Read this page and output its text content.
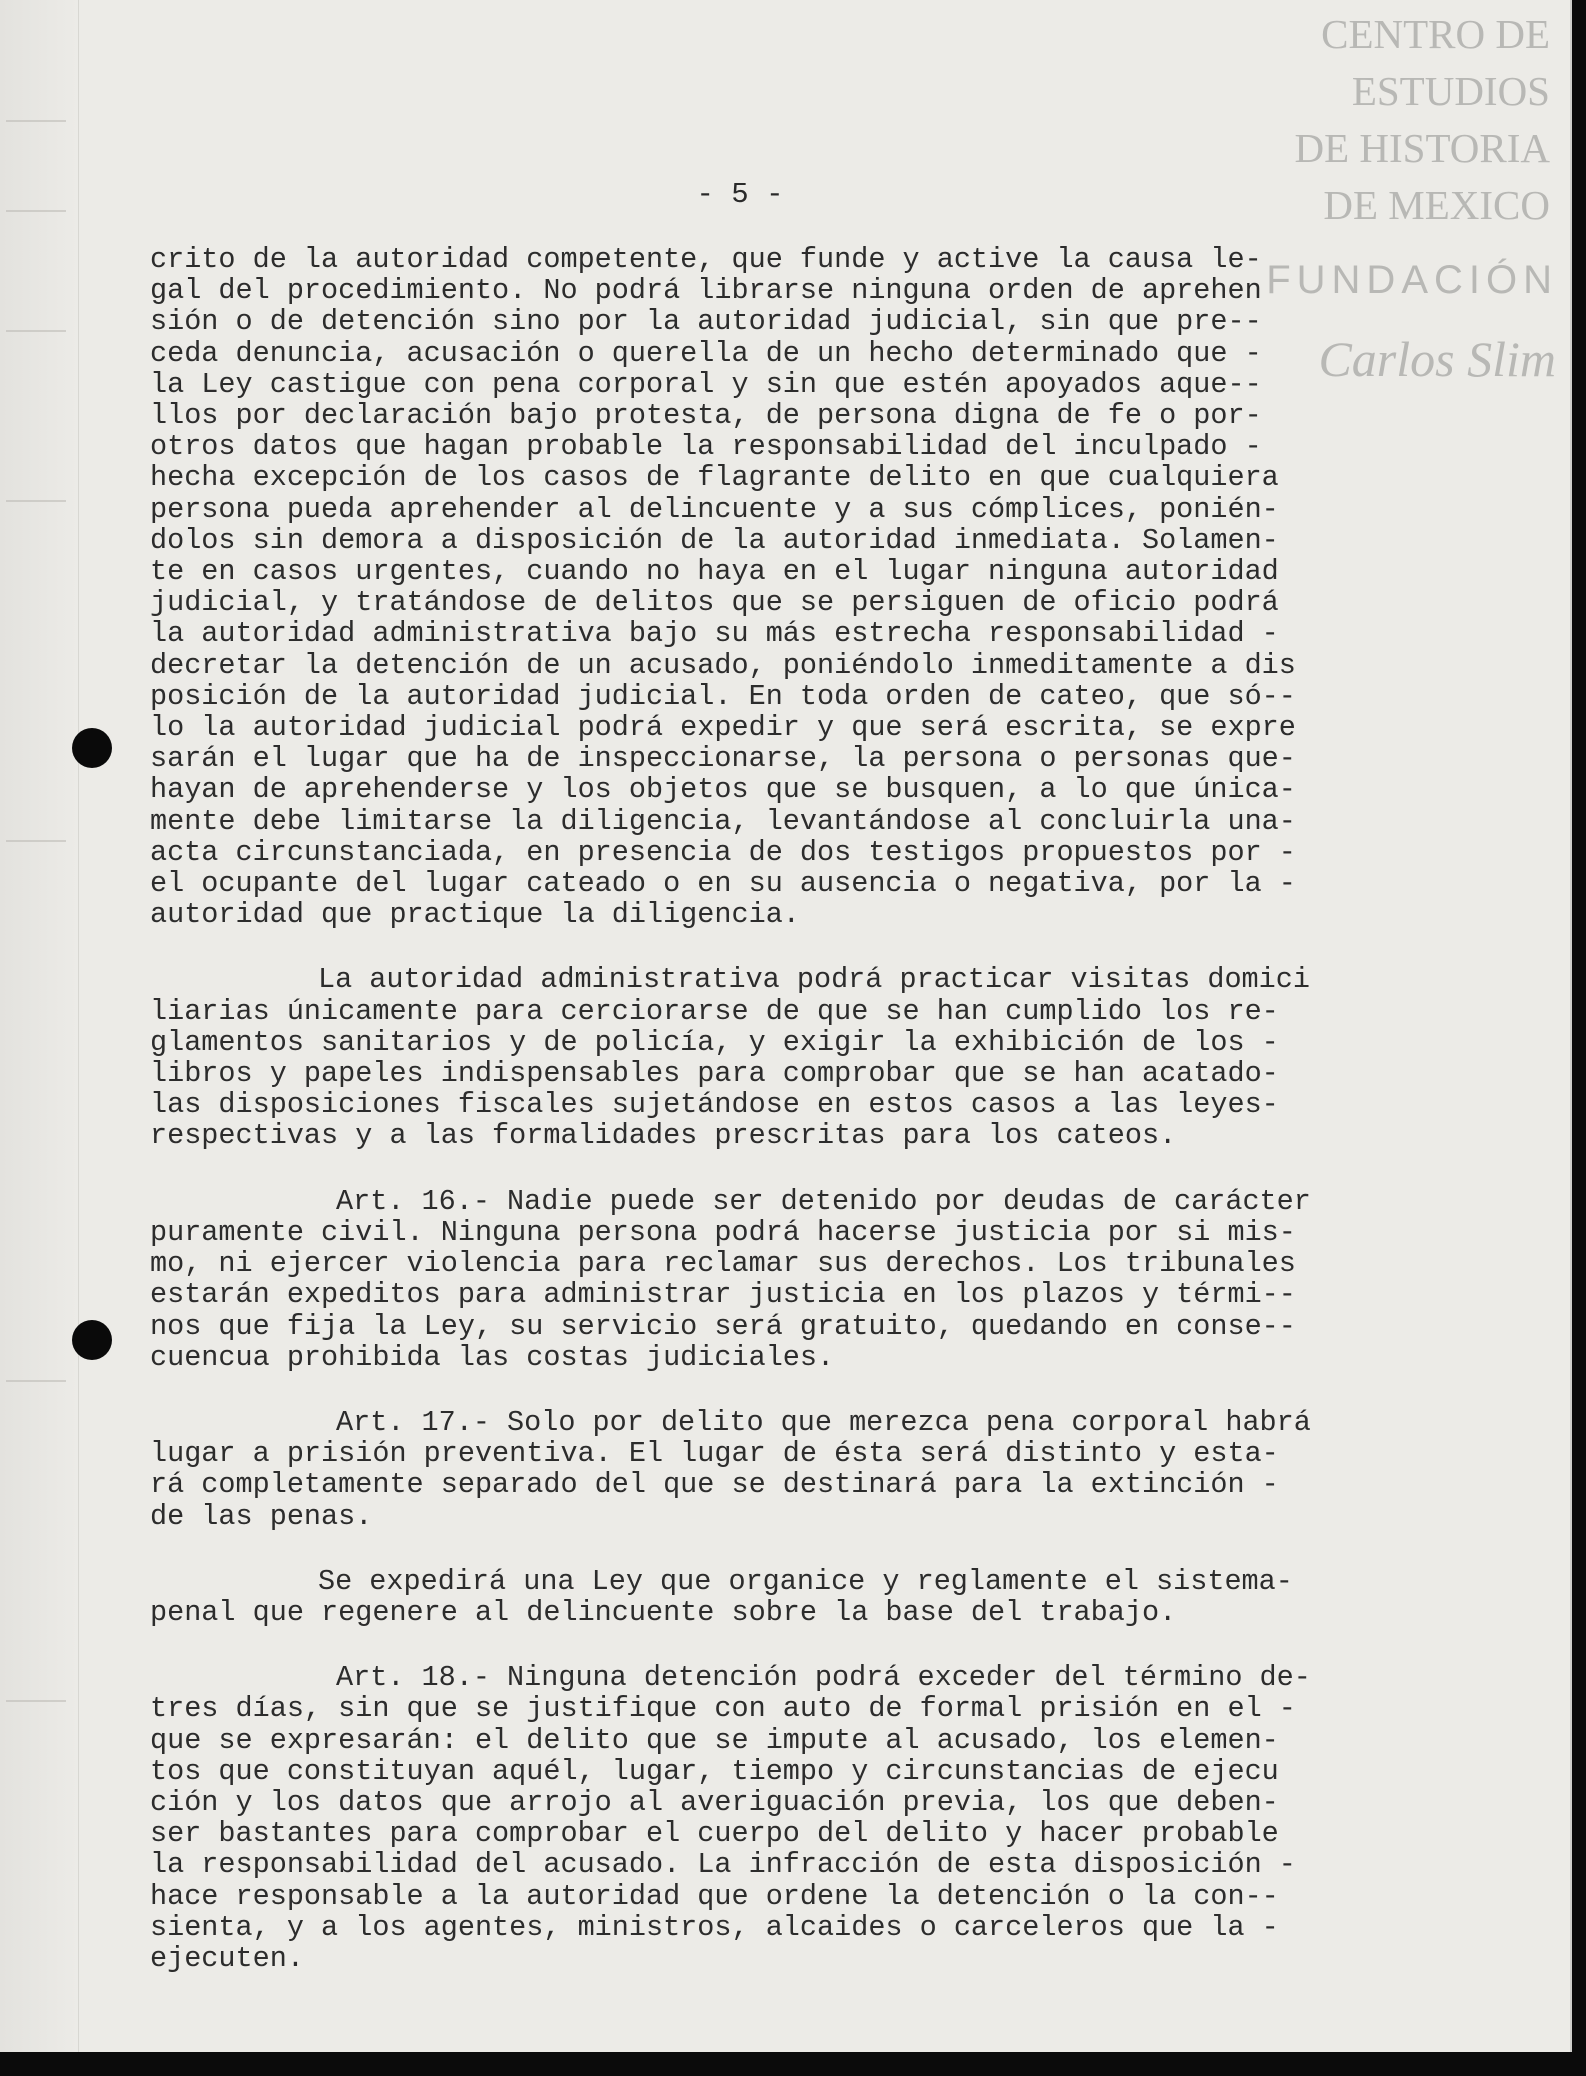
CENTRO DE
ESTUDIOS
DE HISTORIA
DE MEXICO
FUNDACIÓN
Carlos Slim
- 5 -
crito de la autoridad competente, que funde y active la causa le-
gal del procedimiento. No podrá librarse ninguna orden de aprehen
sión o de detención sino por la autoridad judicial, sin que pre--
ceda denuncia, acusación o querella de un hecho determinado que -
la Ley castigue con pena corporal y sin que estén apoyados aque--
llos por declaración bajo protesta, de persona digna de fe o por-
otros datos que hagan probable la responsabilidad del inculpado -
hecha excepción de los casos de flagrante delito en que cualquiera
persona pueda aprehender al delincuente y a sus cómplices, ponién-
dolos sin demora a disposición de la autoridad inmediata. Solamen-
te en casos urgentes, cuando no haya en el lugar ninguna autoridad
judicial, y tratándose de delitos que se persiguen de oficio podrá
la autoridad administrativa bajo su más estrecha responsabilidad -
decretar la detención de un acusado, poniéndolo inmeditamente a dis
posición de la autoridad judicial. En toda orden de cateo, que só--
lo la autoridad judicial podrá expedir y que será escrita, se expre
sarán el lugar que ha de inspeccionarse, la persona o personas que-
hayan de aprehenderse y los objetos que se busquen, a lo que única-
mente debe limitarse la diligencia, levantándose al concluirla una-
acta circunstanciada, en presencia de dos testigos propuestos por -
el ocupante del lugar cateado o en su ausencia o negativa, por la -
autoridad que practique la diligencia.
La autoridad administrativa podrá practicar visitas domici
liarias únicamente para cerciorarse de que se han cumplido los re-
glamentos sanitarios y de policía, y exigir la exhibición de los -
libros y papeles indispensables para comprobar que se han acatado-
las disposiciones fiscales sujetándose en estos casos a las leyes-
respectivas y a las formalidades prescritas para los cateos.
Art. 16.- Nadie puede ser detenido por deudas de carácter
puramente civil. Ninguna persona podrá hacerse justicia por si mis-
mo, ni ejercer violencia para reclamar sus derechos. Los tribunales
estarán expeditos para administrar justicia en los plazos y térmi--
nos que fija la Ley, su servicio será gratuito, quedando en conse--
cuencua prohibida las costas judiciales.
Art. 17.- Solo por delito que merezca pena corporal habrá
lugar a prisión preventiva. El lugar de ésta será distinto y esta-
rá completamente separado del que se destinará para la extinción -
de las penas.
Se expedirá una Ley que organice y reglamente el sistema-
penal que regenere al delincuente sobre la base del trabajo.
Art. 18.- Ninguna detención podrá exceder del término de-
tres días, sin que se justifique con auto de formal prisión en el -
que se expresarán: el delito que se impute al acusado, los elemen-
tos que constituyan aquél, lugar, tiempo y circunstancias de ejecu
ción y los datos que arrojo al averiguación previa, los que deben-
ser bastantes para comprobar el cuerpo del delito y hacer probable
la responsabilidad del acusado. La infracción de esta disposición -
hace responsable a la autoridad que ordene la detención o la con--
sienta, y a los agentes, ministros, alcaides o carceleros que la -
ejecuten.
